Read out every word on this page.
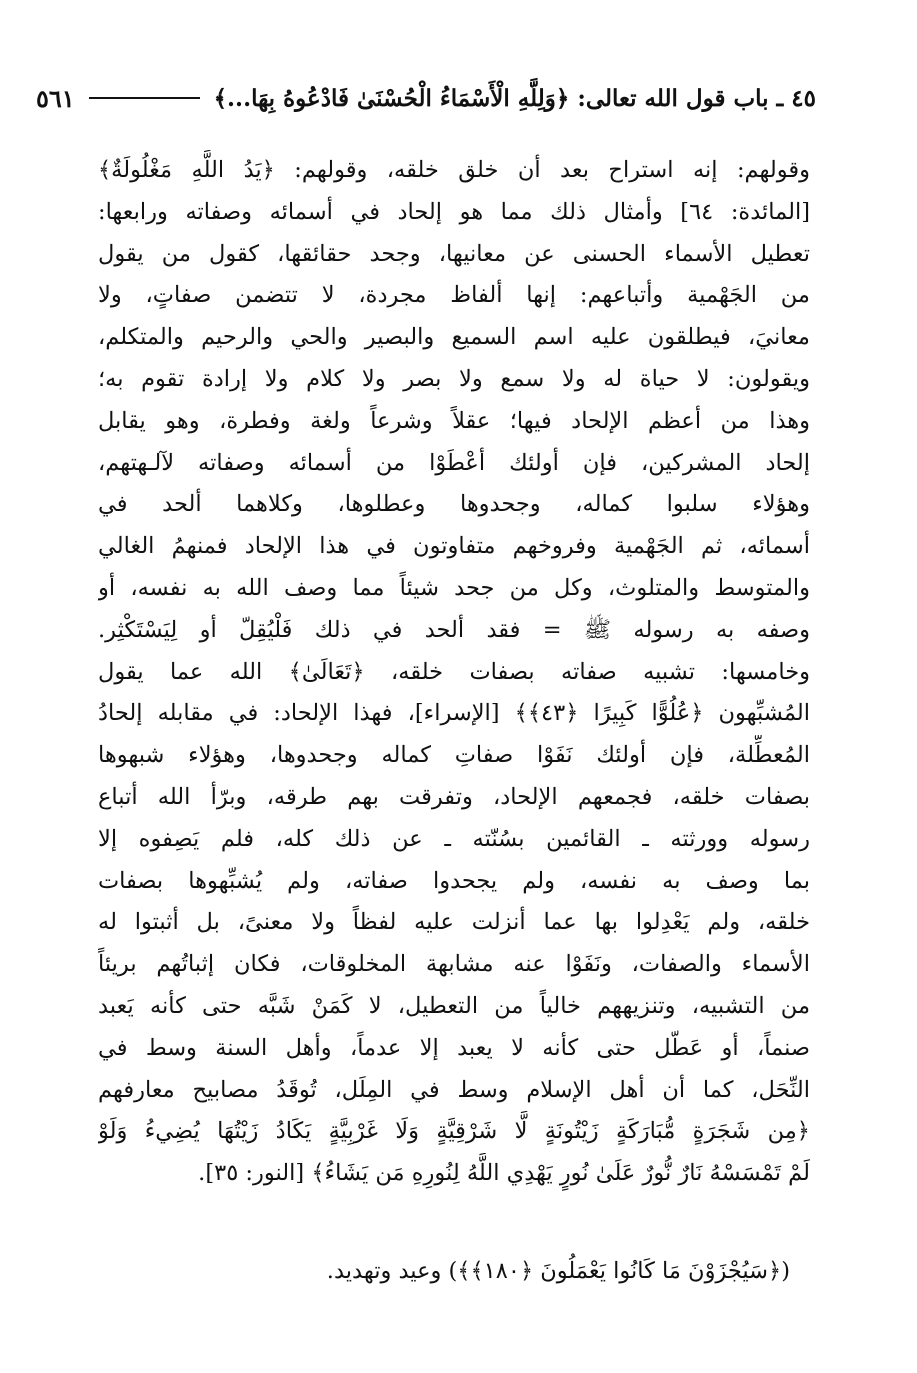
٤٥ ـ باب قول الله تعالى: ﴿وَلِلَّهِ الْأَسْمَاءُ الْحُسْنَىٰ فَادْعُوهُ بِهَا...﴾
٥٦١
وقولهم: إنه استراح بعد أن خلق خلقه، وقولهم: ﴿يَدُ اللَّهِ مَغْلُولَةٌ﴾
[المائدة: ٦٤] وأمثال ذلك مما هو إلحاد في أسمائه وصفاته ورابعها:
تعطيل الأسماء الحسنى عن معانيها، وجحد حقائقها، كقول من يقول
من الجَهْمية وأتباعهم: إنها ألفاظ مجردة، لا تتضمن صفاتٍ، ولا
معانيَ، فيطلقون عليه اسم السميع والبصير والحي والرحيم والمتكلم،
ويقولون: لا حياة له ولا سمع ولا بصر ولا كلام ولا إرادة تقوم به؛
وهذا من أعظم الإلحاد فيها؛ عقلاً وشرعاً ولغة وفطرة، وهو يقابل
إلحاد المشركين، فإن أولئك أعْطَوْا من أسمائه وصفاته لآلـهتهم،
وهؤلاء سلبوا كماله، وجحدوها وعطلوها، وكلاهما ألحد في
أسمائه، ثم الجَهْمية وفروخهم متفاوتون في هذا الإلحاد فمنهمُ الغالي
والمتوسط والمتلوث، وكل من جحد شيئاً مما وصف الله به نفسه، أو
وصفه به رسوله ﷺ = فقد ألحد في ذلك فَلْيُقِلّ أو لِيَسْتَكْثِر.
وخامسها: تشبيه صفاته بصفات خلقه، ﴿تَعَالَىٰ﴾ الله عما يقول
المُشبِّهون ﴿عُلُوًّا كَبِيرًا ﴿٤٣﴾﴾ [الإسراء]، فهذا الإلحاد: في مقابله إلحادُ
المُعطِّلة، فإن أولئك نَفَوْا صفاتِ كماله وجحدوها، وهؤلاء شبهوها
بصفات خلقه، فجمعهم الإلحاد، وتفرقت بهم طرقه، وبرّأ الله أتباع
رسوله وورثته ـ القائمين بسُنّته ـ عن ذلك كله، فلم يَصِفوه إلا
بما وصف به نفسه، ولم يجحدوا صفاته، ولم يُشبِّهوها بصفات
خلقه، ولم يَعْدِلوا بها عما أنزلت عليه لفظاً ولا معنىً، بل أثبتوا له
الأسماء والصفات، ونَفَوْا عنه مشابهة المخلوقات، فكان إثباتُهم بريئاً
من التشبيه، وتنزيههم خالياً من التعطيل، لا كَمَنْ شَبَّه حتى كأنه يَعبد
صنماً، أو عَطّل حتى كأنه لا يعبد إلا عدماً، وأهل السنة وسط في
النِّحَل، كما أن أهل الإسلام وسط في المِلَل، تُوقَدُ مصابيح معارفهم
﴿مِن شَجَرَةٍ مُّبَارَكَةٍ زَيْتُونَةٍ لَّا شَرْقِيَّةٍ وَلَا غَرْبِيَّةٍ يَكَادُ زَيْتُهَا يُضِيءُ وَلَوْ
لَمْ تَمْسَسْهُ نَارٌ نُّورٌ عَلَىٰ نُورٍ يَهْدِي اللَّهُ لِنُورِهِ مَن يَشَاءُ﴾ [النور: ٣٥].
(﴿سَيُجْزَوْنَ مَا كَانُوا يَعْمَلُونَ ﴿١٨٠﴾﴾) وعيد وتهديد.
